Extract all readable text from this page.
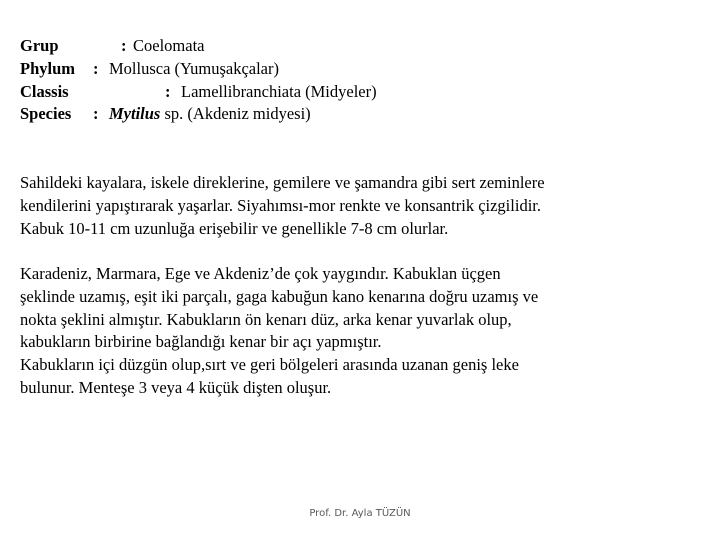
Grup	: Coelomata
Phylum : Mollusca (Yumuşakçalar)
Classis	: Lamellibranchiata (Midyeler)
Species : Mytilus sp. (Akdeniz midyesi)
Sahildeki kayalara, iskele direklerine, gemilere ve şamandra gibi sert zeminlere
kendilerini yapıştırarak yaşarlar. Siyahımsı-mor renkte ve konsantrik çizgilidir.
Kabuk 10-11 cm uzunluğa erişebilir ve genellikle 7-8 cm olurlar.
Karadeniz, Marmara, Ege ve Akdeniz’de çok yaygındır. Kabuklan üçgen
şeklinde uzamış, eşit iki parçalı, gaga kabuğun kano kenarına doğru uzamış ve
nokta şeklini almıştır. Kabukların ön kenarı düz, arka kenar yuvarlak olup,
kabukların birbirine bağlandığı kenar bir açı yapmıştır.
Kabukların içi düzgün olup,sırt ve geri bölgeleri arasında uzanan geniş leke
bulunur. Menteşe 3 veya 4 küçük dişten oluşur.
Prof. Dr. Ayla TÜZÜN
